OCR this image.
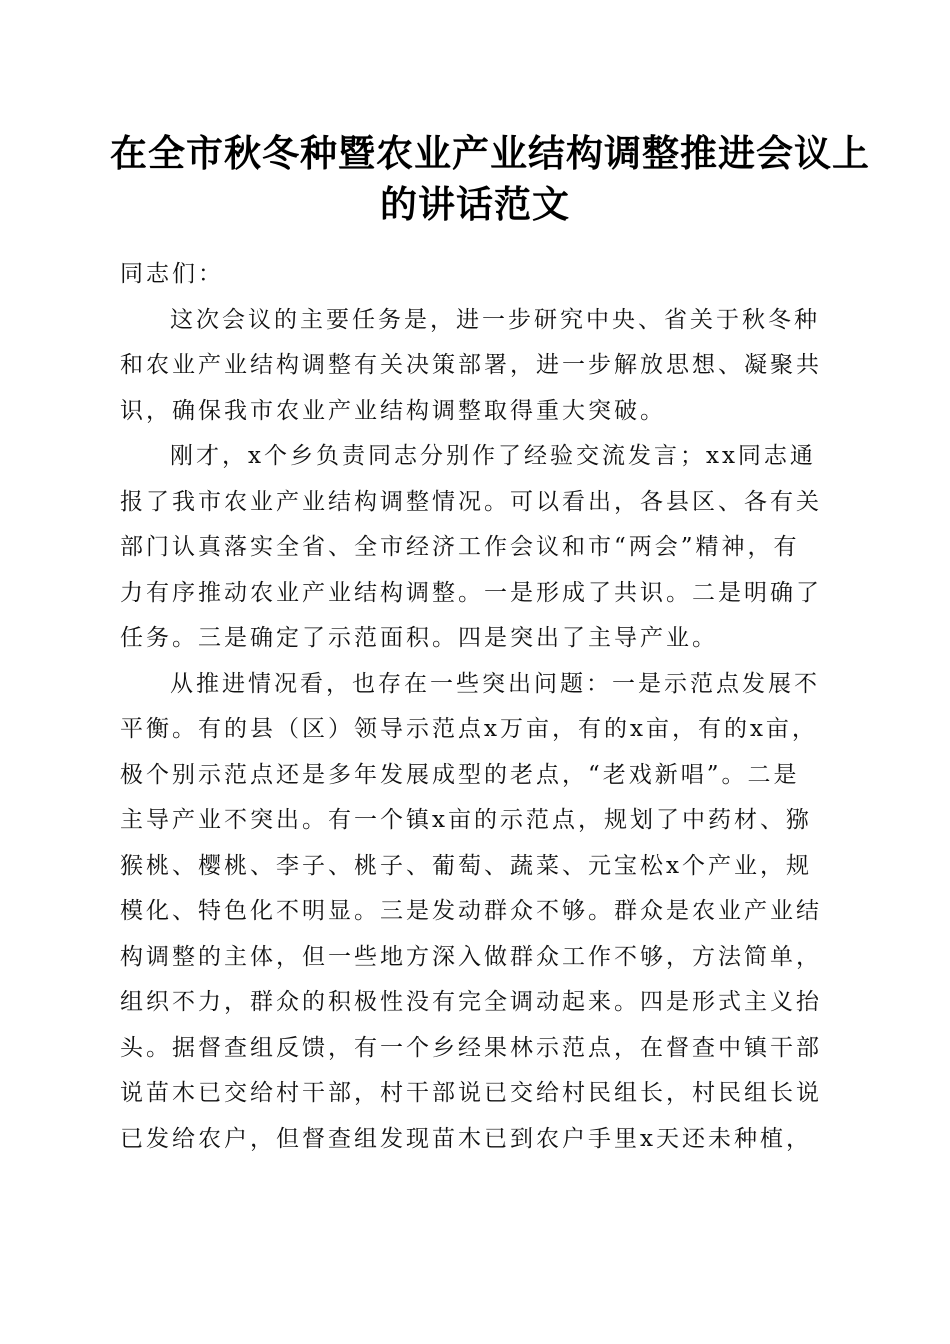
在全市秋冬种暨农业产业结构调整推进会议上
的讲话范文

同志们：

这次会议的主要任务是，进一步研究中央、省关于秋冬种
和农业产业结构调整有关决策部署，进一步解放思想、凝聚共
识，确保我市农业产业结构调整取得重大突破。

刚才，x个乡负责同志分别作了经验交流发言；xx同志通
报了我市农业产业结构调整情况。可以看出，各县区、各有关
部门认真落实全省、全市经济工作会议和市“两会”精神，有
力有序推动农业产业结构调整。一是形成了共识。二是明确了
任务。三是确定了示范面积。四是突出了主导产业。

从推进情况看，也存在一些突出问题：一是示范点发展不
平衡。有的县（区）领导示范点x万亩，有的x亩，有的x亩，
极个别示范点还是多年发展成型的老点，“老戏新唱”。二是
主导产业不突出。有一个镇x亩的示范点，规划了中药材、猕
猴桃、樱桃、李子、桃子、葡萄、蔬菜、元宝松x个产业，规
模化、特色化不明显。三是发动群众不够。群众是农业产业结
构调整的主体，但一些地方深入做群众工作不够，方法简单，
组织不力，群众的积极性没有完全调动起来。四是形式主义抬
头。据督查组反馈，有一个乡经果林示范点，在督查中镇干部
说苗木已交给村干部，村干部说已交给村民组长，村民组长说
已发给农户，但督查组发现苗木已到农户手里x天还未种植，
